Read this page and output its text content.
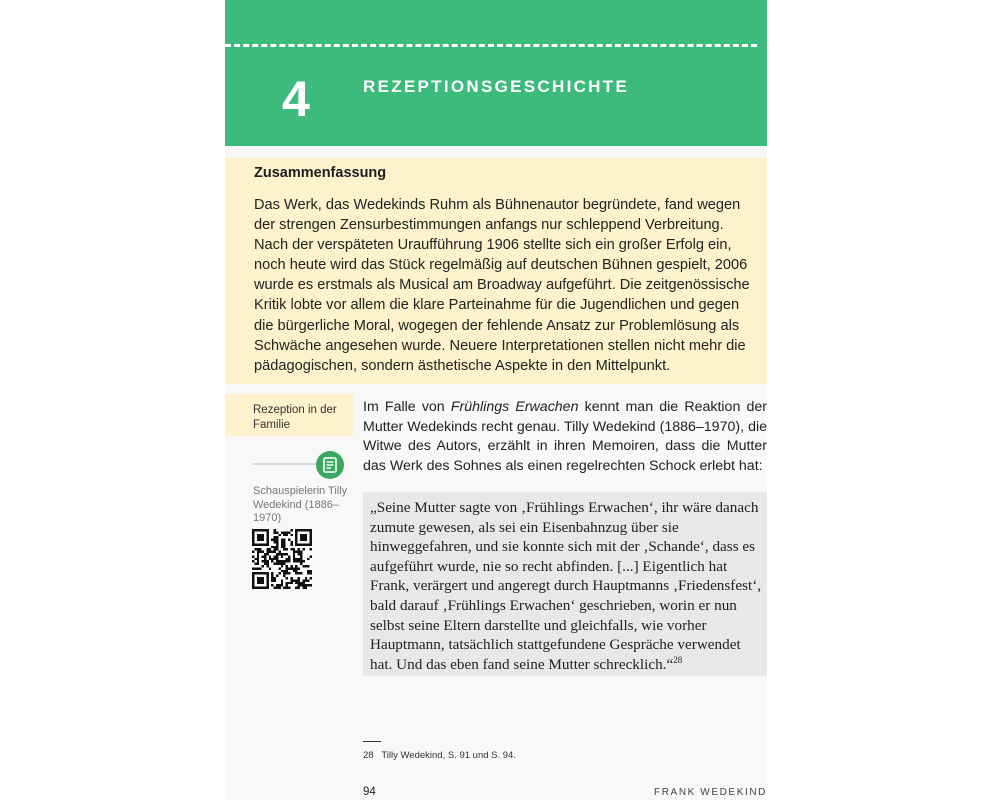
4	REZEPTIONSGESCHICHTE
Zusammenfassung
Das Werk, das Wedekinds Ruhm als Bühnenautor begründete, fand wegen der strengen Zensurbestimmungen anfangs nur schleppend Verbreitung. Nach der verspäteten Uraufführung 1906 stellte sich ein großer Erfolg ein, noch heute wird das Stück regelmäßig auf deutschen Bühnen gespielt, 2006 wurde es erstmals als Musical am Broadway aufgeführt. Die zeitgenössische Kritik lobte vor allem die klare Parteinahme für die Jugendlichen und gegen die bürgerliche Moral, wogegen der fehlende Ansatz zur Problemlösung als Schwäche angesehen wurde. Neuere Interpretationen stellen nicht mehr die pädagogischen, sondern ästhetische Aspekte in den Mittelpunkt.
Rezeption in der Familie
Schauspielerin Tilly Wedekind (1886–1970)
Im Falle von Frühlings Erwachen kennt man die Reaktion der Mutter Wedekinds recht genau. Tilly Wedekind (1886–1970), die Witwe des Autors, erzählt in ihren Memoiren, dass die Mutter das Werk des Sohnes als einen regelrechten Schock erlebt hat:
„Seine Mutter sagte von ‚Frühlings Erwachen‘, ihr wäre danach zumute gewesen, als sei ein Eisenbahnzug über sie hinweggefahren, und sie konnte sich mit der ‚Schande‘, dass es aufgeführt wurde, nie so recht abfinden. [...] Eigentlich hat Frank, verärgert und angeregt durch Hauptmanns ‚Friedensfest‘, bald darauf ‚Frühlings Erwachen‘ geschrieben, worin er nun selbst seine Eltern darstellte und gleichfalls, wie vorher Hauptmann, tatsächlich stattgefundene Gespräche verwendet hat. Und das eben fand seine Mutter schrecklich.“$^{28}$
28 Tilly Wedekind, S. 91 und S. 94.
94	FRANK WEDEKIND
